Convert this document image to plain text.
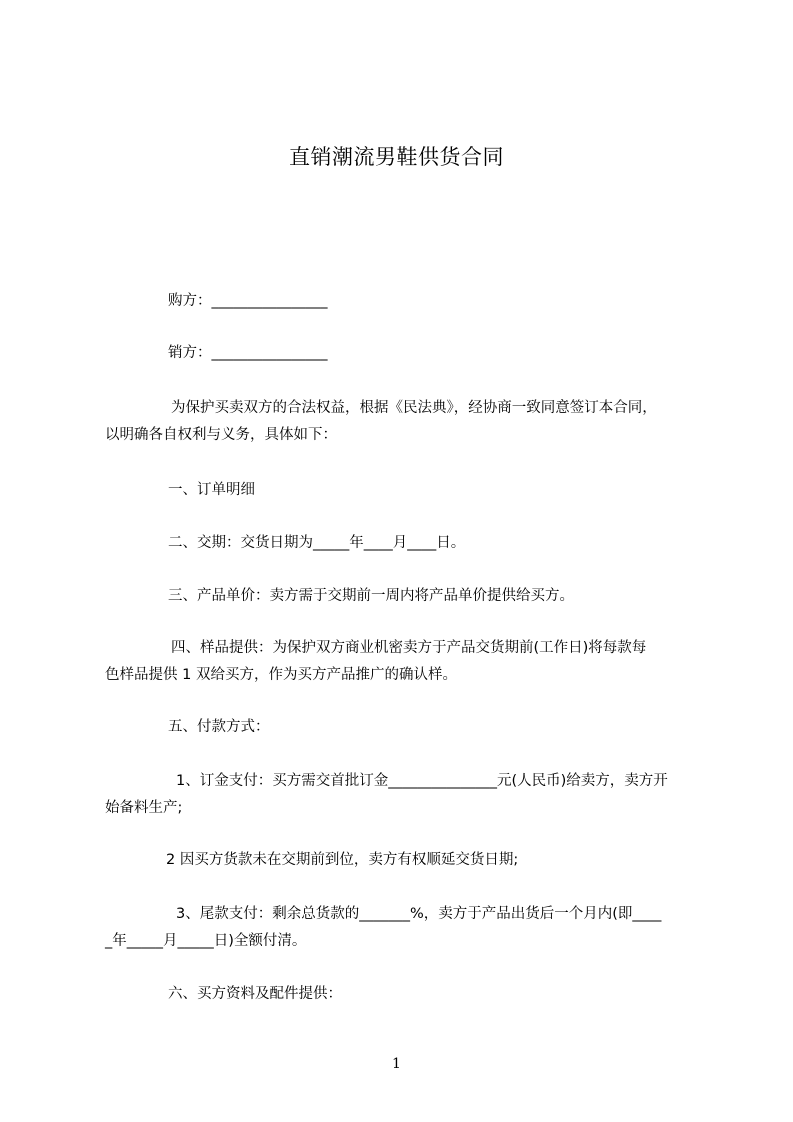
直销潮流男鞋供货合同
购方：________________
销方：________________
为保护买卖双方的合法权益，根据《民法典》，经协商一致同意签订本合同，
以明确各自权利与义务，具体如下：
一、订单明细
二、交期：交货日期为_____年____月____日。
三、产品单价：卖方需于交期前一周内将产品单价提供给买方。
四、样品提供：为保护双方商业机密卖方于产品交货期前(工作日)将每款每
色样品提供 1 双给买方，作为买方产品推广的确认样。
五、付款方式：
1、订金支付：买方需交首批订金_______________元(人民币)给卖方，卖方开
始备料生产;
2 因买方货款未在交期前到位，卖方有权顺延交货日期;
3、尾款支付：剩余总货款的_______%，卖方于产品出货后一个月内(即____
_年_____月_____日)全额付清。
六、买方资料及配件提供：
1
